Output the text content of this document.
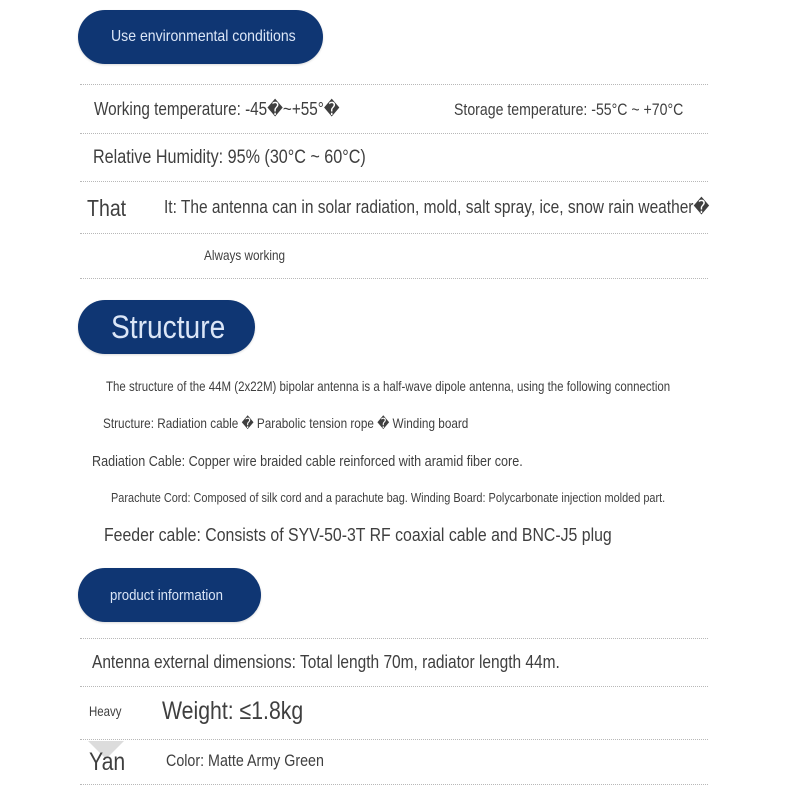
Use environmental conditions
Working temperature: -45�~+55°�	Storage temperature: -55°C ~ +70°C
Relative Humidity: 95% (30°C ~ 60°C)
That It: The antenna can in solar radiation, mold, salt spray, ice, snow rain weather�
Always working
Structure
The structure of the 44M (2x22M) bipolar antenna is a half-wave dipole antenna, using the following connection
Structure: Radiation cable � Parabolic tension rope � Winding board
Radiation Cable: Copper wire braided cable reinforced with aramid fiber core.
Parachute Cord: Composed of silk cord and a parachute bag. Winding Board: Polycarbonate injection molded part.
Feeder cable: Consists of SYV-50-3T RF coaxial cable and BNC-J5 plug
product information
Antenna external dimensions: Total length 70m, radiator length 44m.
Heavy Weight: ≤1.8kg
Yan Color: Matte Army Green
